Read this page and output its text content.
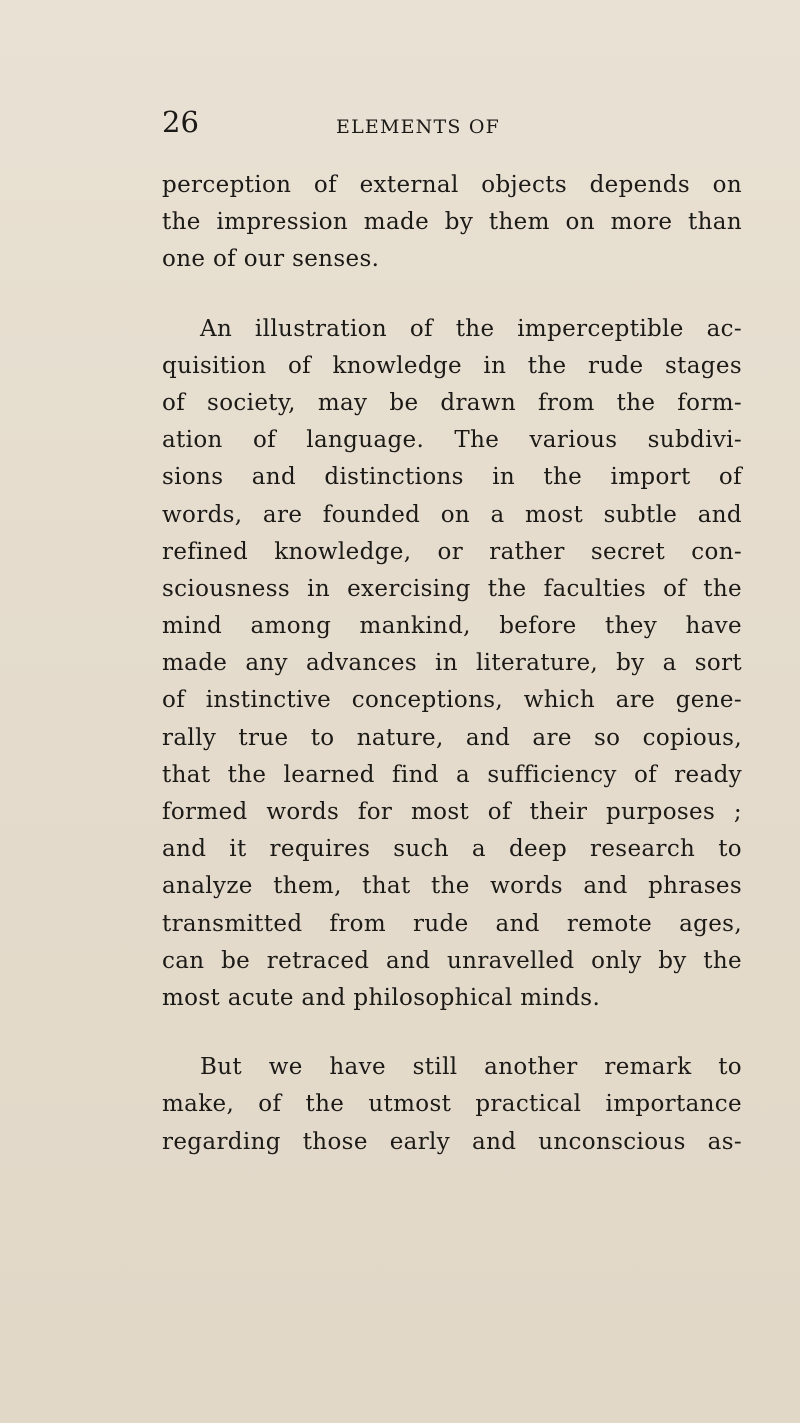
26	ELEMENTS OF

perception of external objects depends on
the impression made by them on more than
one of our senses.

An illustration of the imperceptible ac-
quisition of knowledge in the rude stages
of society, may be drawn from the form-
ation of language. The various subdivi-
sions and distinctions in the import of
words, are founded on a most subtle and
refined knowledge, or rather secret con-
sciousness in exercising the faculties of the
mind among mankind, before they have
made any advances in literature, by a sort
of instinctive conceptions, which are gene-
rally true to nature, and are so copious,
that the learned find a sufficiency of ready
formed words for most of their purposes ;
and it requires such a deep research to
analyze them, that the words and phrases
transmitted from rude and remote ages,
can be retraced and unravelled only by the
most acute and philosophical minds.

But we have still another remark to
make, of the utmost practical importance
regarding those early and unconscious as-
